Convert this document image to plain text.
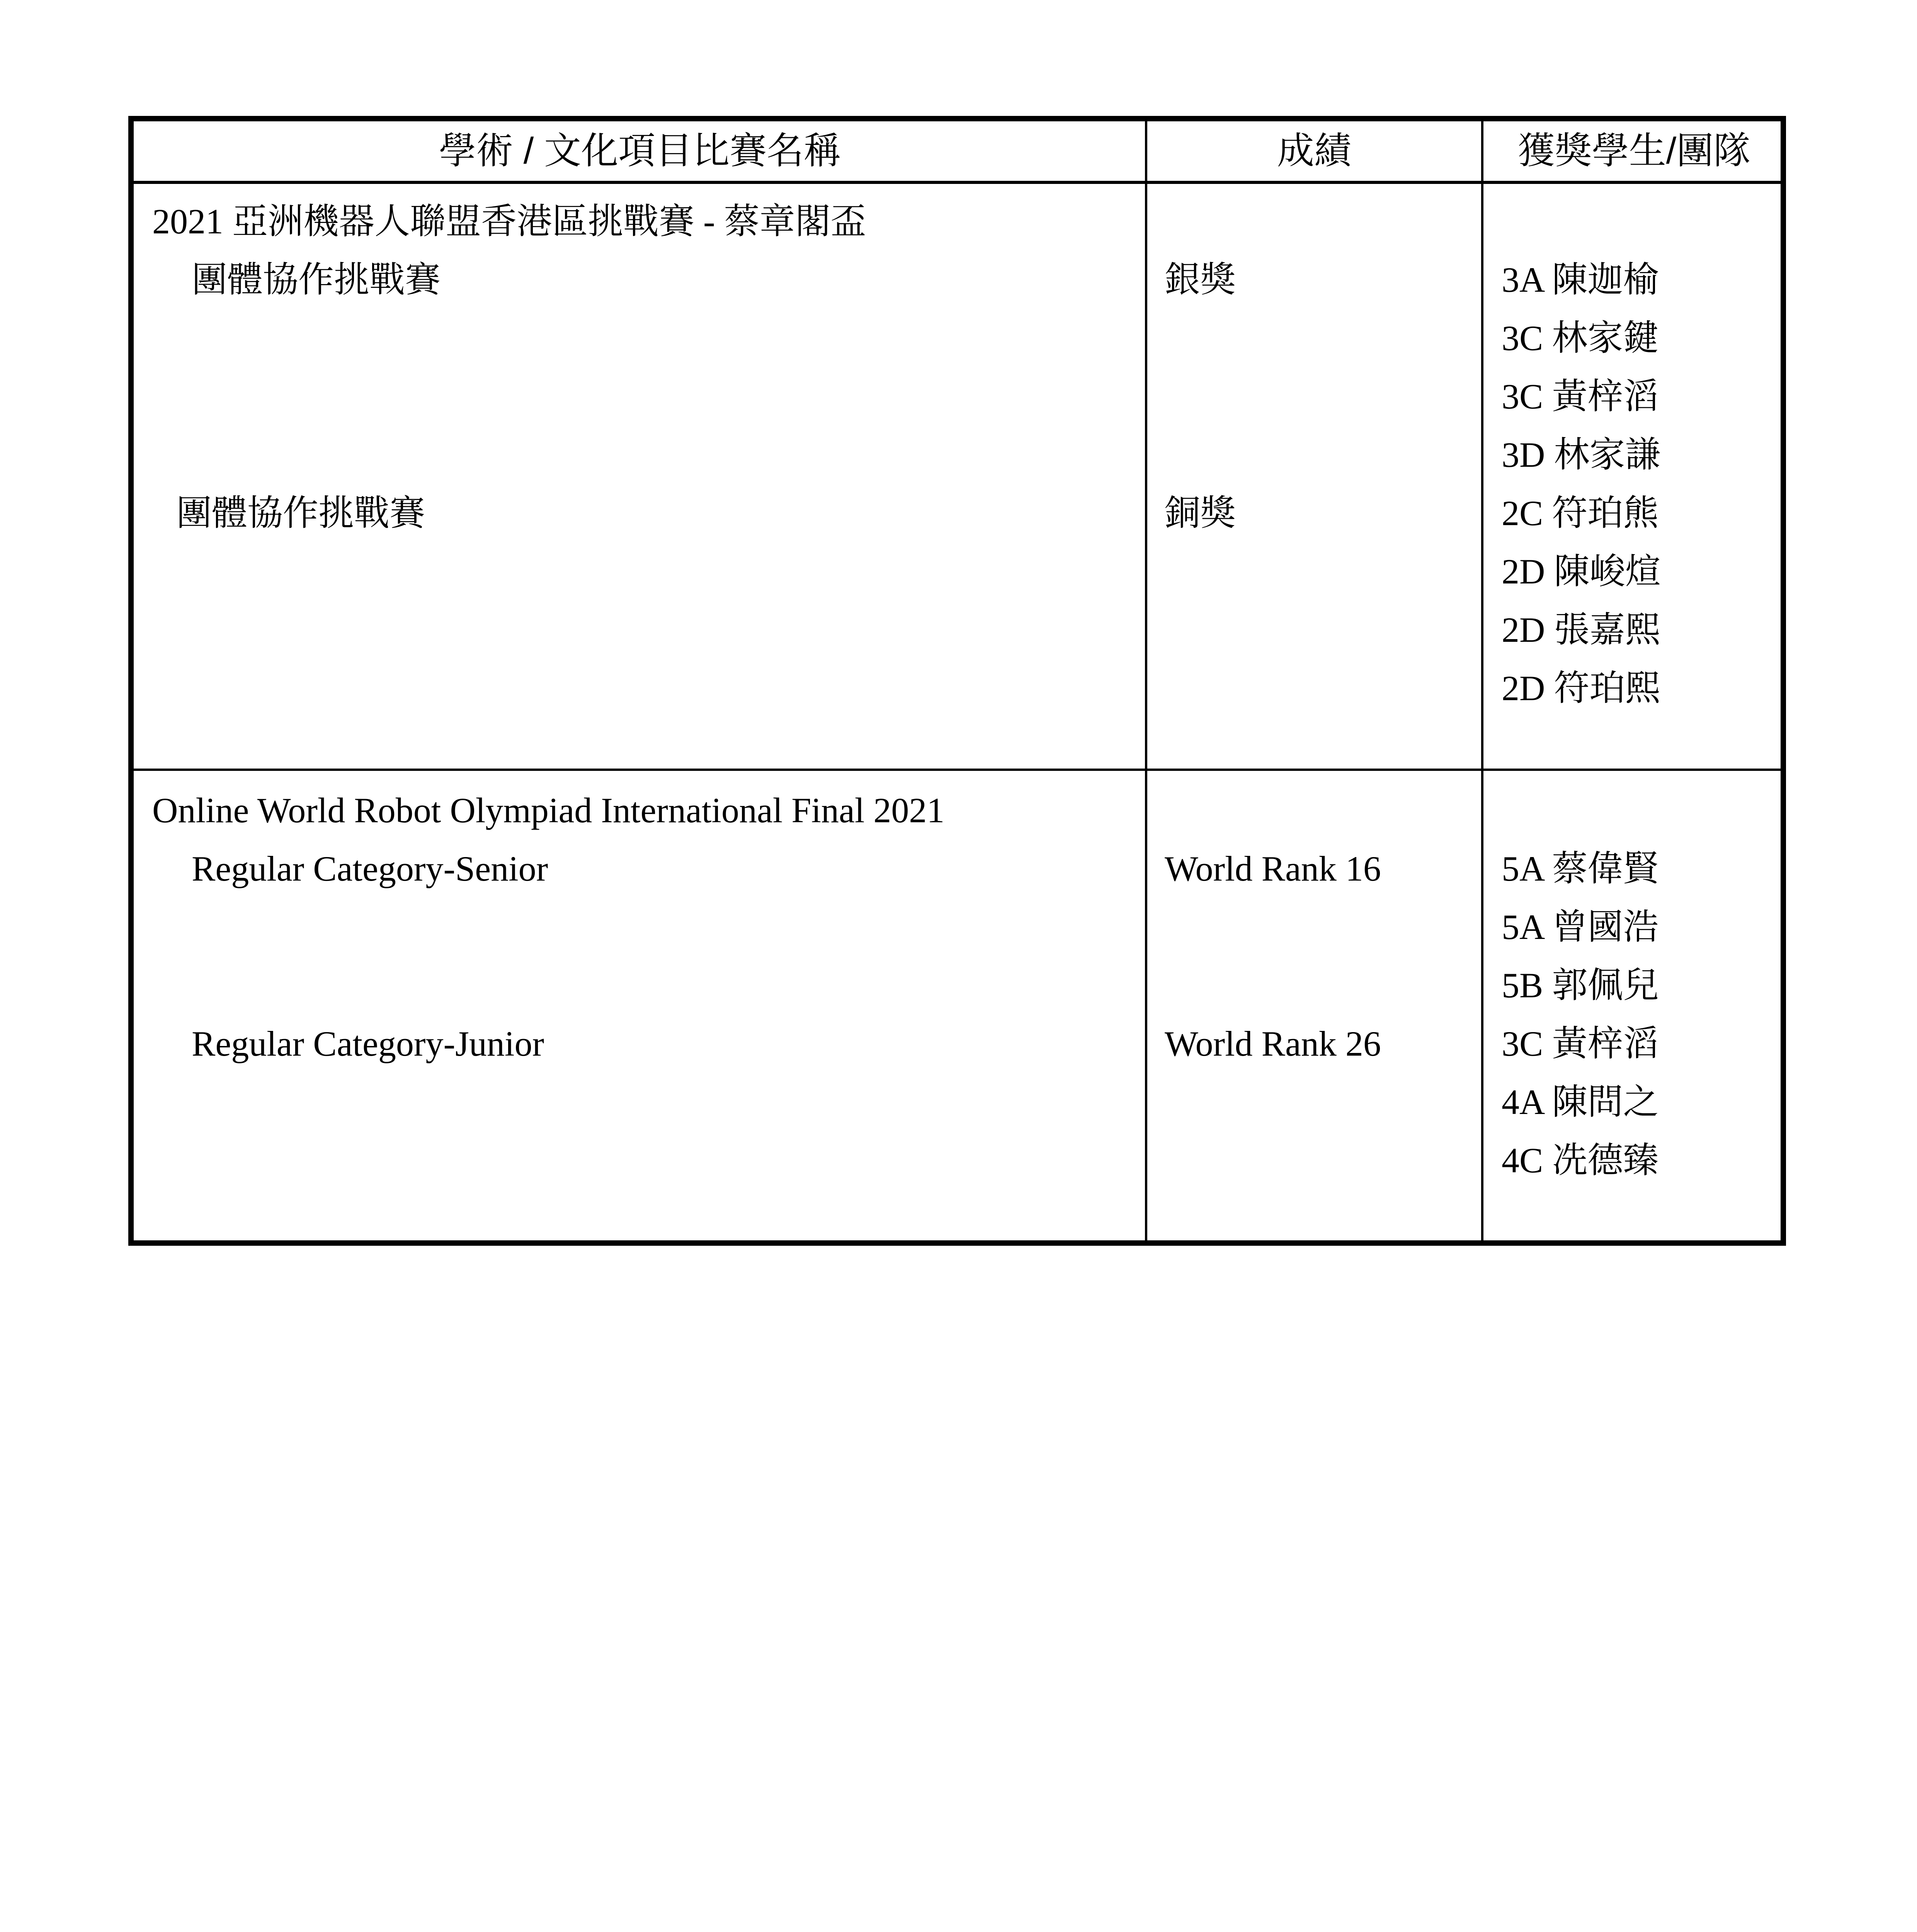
學術 / 文化項目比賽名稱	成績	獲獎學生/團隊
2021 亞洲機器人聯盟香港區挑戰賽 - 蔡章閣盃
團體協作挑戰賽	銀獎	3A 陳迦榆
3C 林家鍵
3C 黃梓滔
3D 林家謙
團體協作挑戰賽	銅獎	2C 符珀熊
2D 陳峻煊
2D 張嘉熙
2D 符珀熙
Online World Robot Olympiad International Final 2021
Regular Category-Senior	World Rank 16	5A 蔡偉賢
5A 曾國浩
5B 郭佩兒
Regular Category-Junior	World Rank 26	3C 黃梓滔
4A 陳問之
4C 冼德臻
